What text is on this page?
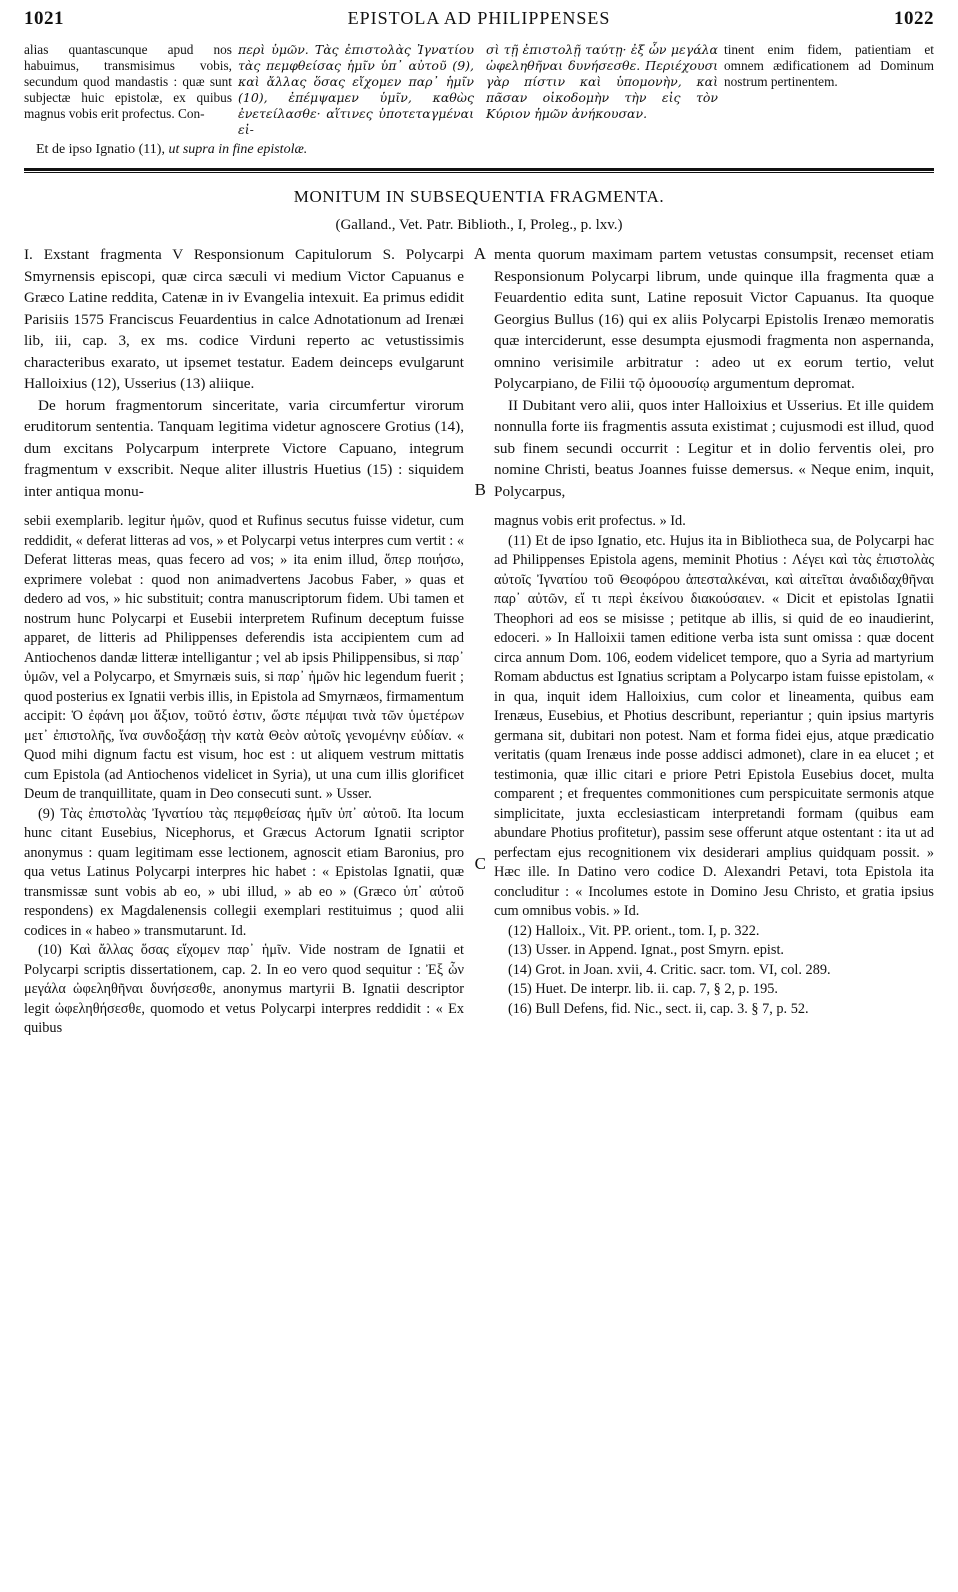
1021	EPISTOLA AD PHILIPPENSES	1022

alias quantascunque apud nos habuimus, transmisimus vobis, secundum quod mandastis : quæ sunt subjectæ huic epistolæ, ex quibus magnus vobis erit profectus. Con-

περὶ ὑμῶν. Τὰς ἐπιστολὰς Ἰγνατίου τὰς πεμφθείσας ἡμῖν ὑπ᾽ αὐτοῦ (9), καὶ ἄλλας ὅσας εἴχομεν παρ᾽ ἡμῖν (10), ἐπέμψαμεν ὑμῖν, καθὼς ἐνετείλασθε· αἵτινες ὑποτεταγμέναι εἰ-

σὶ τῇ ἐπιστολῇ ταύτῃ· ἐξ ὧν μεγάλα ὠφεληθῆναι δυνήσεσθε. Περιέχουσι γὰρ πίστιν καὶ ὑπομονὴν, καὶ πᾶσαν οἰκοδομὴν τὴν εἰς τὸν Κύριον ἡμῶν ἀνήκουσαν.

tinent enim fidem, patientiam et omnem ædificationem ad Dominum nostrum pertinentem.

Et de ipso Ignatio (11), ut supra in fine epistolæ.
MONITUM IN SUBSEQUENTIA FRAGMENTA.
(Galland., Vet. Patr. Biblioth., I, Proleg., p. lxv.)

I. Exstant fragmenta V Responsionum Capitulorum S. Polycarpi Smyrnensis episcopi, quæ circa sæculi vi medium Victor Capuanus e Græco Latine reddita, Catenæ in iv Evangelia intexuit. Ea primus edidit Parisiis 1575 Franciscus Feuardentius in calce Adnotationum ad Irenæi lib, iii, cap. 3, ex ms. codice Virduni reperto ac vetustissimis characteribus exarato, ut ipsemet testatur. Eadem deinceps evulgarunt Halloixius (12), Usserius (13) aliique.

De horum fragmentorum sinceritate, varia circumfertur virorum eruditorum sententia. Tanquam legitima videtur agnoscere Grotius (14), dum excitans Polycarpum interprete Victore Capuano, integrum fragmentum v exscribit. Neque aliter illustris Huetius (15) : siquidem inter antiqua monu-

A
B

menta quorum maximam partem vetustas consumpsit, recenset etiam Responsionum Polycarpi librum, unde quinque illa fragmenta quæ a Feuardentio edita sunt, Latine reposuit Victor Capuanus. Ita quoque Georgius Bullus (16) qui ex aliis Polycarpi Epistolis Irenæo memoratis quæ interciderunt, esse desumpta ejusmodi fragmenta non aspernanda, omnino verisimile arbitratur : adeo ut ex eorum tertio, velut Polycarpiano, de Filii τῷ ὁμοουσίῳ argumentum depromat.

II Dubitant vero alii, quos inter Halloixius et Usserius. Et ille quidem nonnulla forte iis fragmentis assuta existimat ; cujusmodi est illud, quod sub finem secundi occurrit : Legitur et in dolio ferventis olei, pro nomine Christi, beatus Joannes fuisse demersus. « Neque enim, inquit, Polycarpus,

sebii exemplarib. legitur ἡμῶν, quod et Rufinus secutus fuisse videtur, cum reddidit, « deferat litteras ad vos, » et Polycarpi vetus interpres cum vertit : « Deferat litteras meas, quas fecero ad vos; » ita enim illud, ὅπερ ποιήσω, exprimere volebat : quod non animadvertens Jacobus Faber, » quas et dedero ad vos, » hic substituit; contra manuscriptorum fidem. Ubi tamen et nostrum hunc Polycarpi et Eusebii interpretem Rufinum deceptum fuisse apparet, de litteris ad Philippenses deferendis ista accipientem cum ad Antiochenos dandæ litteræ intelligantur ; vel ab ipsis Philippensibus, si παρ᾽ ὑμῶν, vel a Polycarpo, et Smyrnæis suis, si παρ᾽ ἡμῶν hic legendum fuerit ; quod posterius ex Ignatii verbis illis, in Epistola ad Smyrnæos, firmamentum accipit: Ὁ ἐφάνη μοι ἄξιον, τοῦτό ἐστιν, ὥστε πέμψαι τινὰ τῶν ὑμετέρων μετ᾽ ἐπιστολῆς, ἵνα συνδοξάσῃ τὴν κατὰ Θεὸν αὐτοῖς γενομένην εὐδίαν. « Quod mihi dignum factu est visum, hoc est : ut aliquem vestrum mittatis cum Epistola (ad Antiochenos videlicet in Syria), ut una cum illis glorificet Deum de tranquillitate, quam in Deo consecuti sunt. » Usser.

(9) Τὰς ἐπιστολὰς Ἰγνατίου τὰς πεμφθείσας ἡμῖν ὑπ᾽ αὐτοῦ. Ita locum hunc citant Eusebius, Nicephorus, et Græcus Actorum Ignatii scriptor anonymus : quam legitimam esse lectionem, agnoscit etiam Baronius, pro qua vetus Latinus Polycarpi interpres hic habet : « Epistolas Ignatii, quæ transmissæ sunt vobis ab eo, » ubi illud, » ab eo » (Græco ὑπ᾽ αὐτοῦ respondens) ex Magdalenensis collegii exemplari restituimus ; quod alii codices in « habeo » transmutarunt. Id.

(10) Καὶ ἄλλας ὅσας εἴχομεν παρ᾽ ἡμῖν. Vide nostram de Ignatii et Polycarpi scriptis dissertationem, cap. 2. In eo vero quod sequitur : Ἐξ ὧν μεγάλα ὠφεληθῆναι δυνήσεσθε, anonymus martyrii B. Ignatii descriptor legit ὠφεληθήσεσθε, quomodo et vetus Polycarpi interpres reddidit : « Ex quibus

C

magnus vobis erit profectus. » Id.

(11) Et de ipso Ignatio, etc. Hujus ita in Bibliotheca sua, de Polycarpi hac ad Philippenses Epistola agens, meminit Photius : Λέγει καὶ τὰς ἐπιστολὰς αὐτοῖς Ἰγνατίου τοῦ Θεοφόρου ἀπεσταλκέναι, καὶ αἰτεῖται ἀναδιδαχθῆναι παρ᾽ αὐτῶν, εἴ τι περὶ ἐκείνου διακούσαιεν. « Dicit et epistolas Ignatii Theophori ad eos se misisse ; petitque ab illis, si quid de eo inaudierint, edoceri. » In Halloixii tamen editione verba ista sunt omissa : quæ docent circa annum Dom. 106, eodem videlicet tempore, quo a Syria ad martyrium Romam abductus est Ignatius scriptam a Polycarpo istam fuisse epistolam, « in qua, inquit idem Halloixius, cum color et lineamenta, quibus eam Irenæus, Eusebius, et Photius describunt, reperiantur ; quin ipsius martyris germana sit, dubitari non potest. Nam et forma fidei ejus, atque prædicatio veritatis (quam Irenæus inde posse addisci admonet), clare in ea elucet ; et testimonia, quæ illic citari e priore Petri Epistola Eusebius docet, multa comparent ; et frequentes commonitiones cum perspicuitate sermonis atque simplicitate, juxta ecclesiasticam interpretandi formam (quibus eam abundare Photius profitetur), passim sese offerunt atque ostentant : ita ut ad perfectam ejus recognitionem vix desiderari amplius quidquam possit. » Hæc ille. In Datino vero codice D. Alexandri Petavi, tota Epistola ita concluditur : « Incolumes estote in Domino Jesu Christo, et gratia ipsius cum omnibus vobis. » Id.

(12) Halloix., Vit. PP. orient., tom. I, p. 322.

(13) Usser. in Append. Ignat., post Smyrn. epist.

(14) Grot. in Joan. xvii, 4. Critic. sacr. tom. VI, col. 289.

(15) Huet. De interpr. lib. ii. cap. 7, § 2, p. 195.

(16) Bull Defens, fid. Nic., sect. ii, cap. 3. § 7, p. 52.
